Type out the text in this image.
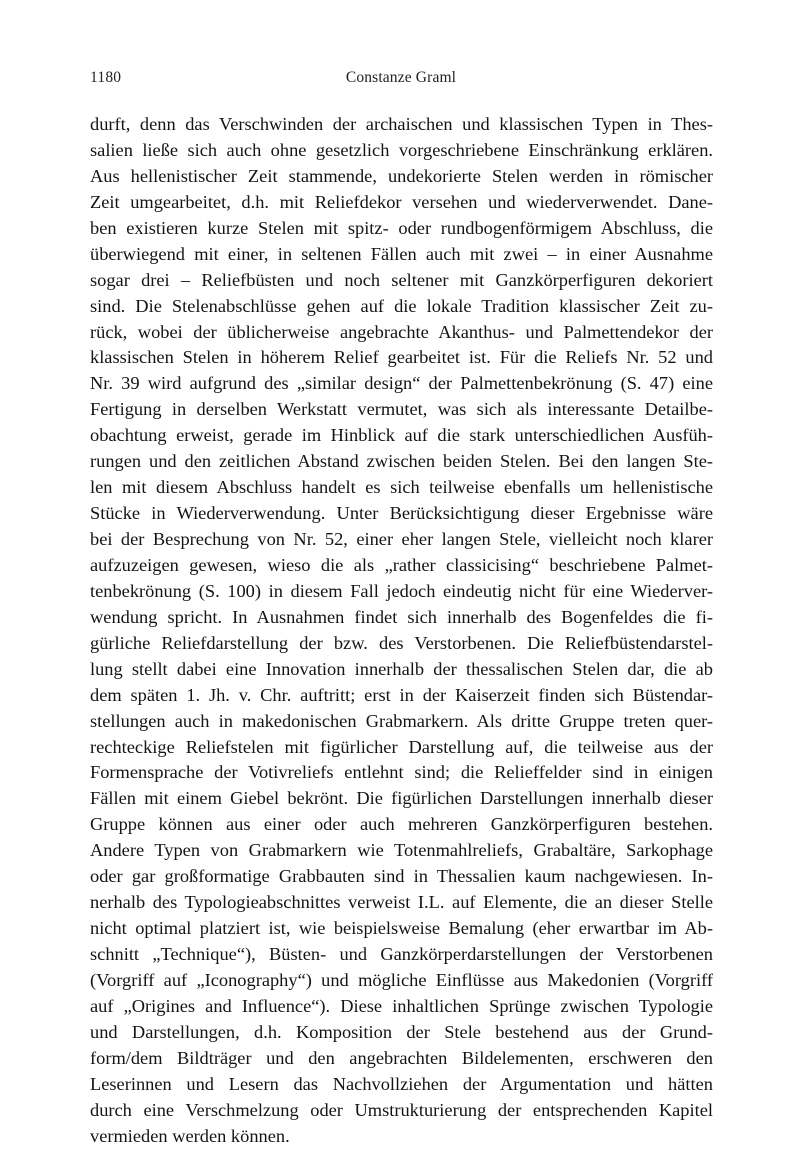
1180	Constanze Graml
durft, denn das Verschwinden der archaischen und klassischen Typen in Thes-
salien ließe sich auch ohne gesetzlich vorgeschriebene Einschränkung erklären.
Aus hellenistischer Zeit stammende, undekorierte Stelen werden in römischer
Zeit umgearbeitet, d.h. mit Reliefdekor versehen und wiederverwendet. Dane-
ben existieren kurze Stelen mit spitz- oder rundbogenförmigem Abschluss, die
überwiegend mit einer, in seltenen Fällen auch mit zwei – in einer Ausnahme
sogar drei – Reliefbüsten und noch seltener mit Ganzkörperfiguren dekoriert
sind. Die Stelenabschlüsse gehen auf die lokale Tradition klassischer Zeit zu-
rück, wobei der üblicherweise angebrachte Akanthus- und Palmettendekor der
klassischen Stelen in höherem Relief gearbeitet ist. Für die Reliefs Nr. 52 und
Nr. 39 wird aufgrund des „similar design“ der Palmettenbekrönung (S. 47) eine
Fertigung in derselben Werkstatt vermutet, was sich als interessante Detailbe-
obachtung erweist, gerade im Hinblick auf die stark unterschiedlichen Ausfüh-
rungen und den zeitlichen Abstand zwischen beiden Stelen. Bei den langen Ste-
len mit diesem Abschluss handelt es sich teilweise ebenfalls um hellenistische
Stücke in Wiederverwendung. Unter Berücksichtigung dieser Ergebnisse wäre
bei der Besprechung von Nr. 52, einer eher langen Stele, vielleicht noch klarer
aufzuzeigen gewesen, wieso die als „rather classicising“ beschriebene Palmet-
tenbekrönung (S. 100) in diesem Fall jedoch eindeutig nicht für eine Wiederver-
wendung spricht. In Ausnahmen findet sich innerhalb des Bogenfeldes die fi-
gürliche Reliefdarstellung der bzw. des Verstorbenen. Die Reliefbüstendarstel-
lung stellt dabei eine Innovation innerhalb der thessalischen Stelen dar, die ab
dem späten 1. Jh. v. Chr. auftritt; erst in der Kaiserzeit finden sich Büstendar-
stellungen auch in makedonischen Grabmarkern. Als dritte Gruppe treten quer-
rechteckige Reliefstelen mit figürlicher Darstellung auf, die teilweise aus der
Formensprache der Votivreliefs entlehnt sind; die Relieffelder sind in einigen
Fällen mit einem Giebel bekrönt. Die figürlichen Darstellungen innerhalb dieser
Gruppe können aus einer oder auch mehreren Ganzkörperfiguren bestehen.
Andere Typen von Grabmarkern wie Totenmahlreliefs, Grabaltäre, Sarkophage
oder gar großformatige Grabbauten sind in Thessalien kaum nachgewiesen. In-
nerhalb des Typologieabschnittes verweist I.L. auf Elemente, die an dieser Stelle
nicht optimal platziert ist, wie beispielsweise Bemalung (eher erwartbar im Ab-
schnitt „Technique“), Büsten- und Ganzkörperdarstellungen der Verstorbenen
(Vorgriff auf „Iconography“) und mögliche Einflüsse aus Makedonien (Vorgriff
auf „Origines and Influence“). Diese inhaltlichen Sprünge zwischen Typologie
und Darstellungen, d.h. Komposition der Stele bestehend aus der Grund-
form/dem Bildträger und den angebrachten Bildelementen, erschweren den
Leserinnen und Lesern das Nachvollziehen der Argumentation und hätten
durch eine Verschmelzung oder Umstrukturierung der entsprechenden Kapitel
vermieden werden können.
